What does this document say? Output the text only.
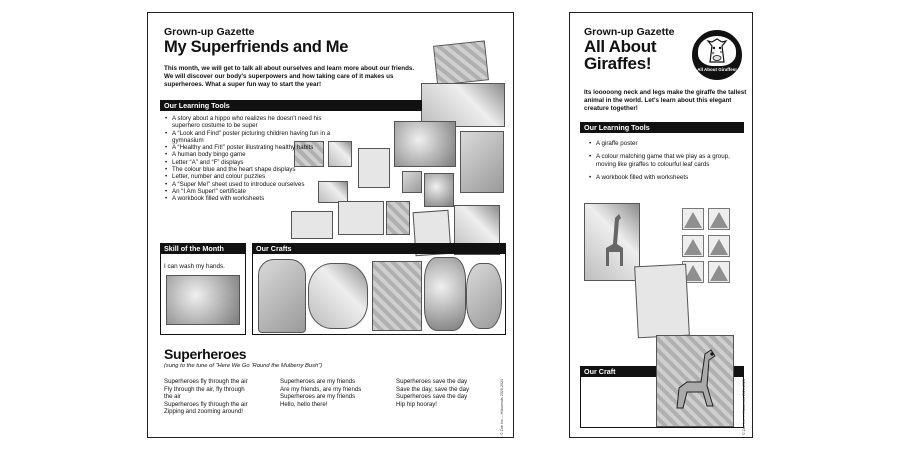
Grown-up Gazette
My Superfriends and Me
This month, we will get to talk all about ourselves and learn more about our friends. We will discover our body's superpowers and how taking care of it makes us superheroes. What a super fun way to start the year!
Our Learning Tools
• A story about a hippo who realizes he doesn't need his superhero costume to be super
• A “Look and Find” poster picturing children having fun in a gymnasium
• A “Healthy and Fit!” poster illustrating healthy habits
• A human body bingo game
• Letter “A” and “F” displays
• The colour blue and the heart shape displays
• Letter, number and colour puzzles
• A “Super Me!” sheet used to introduce ourselves
• An “I Am Super!” certificate
• A workbook filled with worksheets
Skill of the Month
I can wash my hands.
Our Crafts
Superheroes
(sung to the tune of “Here We Go ’Round the Mulberry Bush”)
Superheroes fly through the air
Fly through the air, fly through
the air
Superheroes fly through the air
Zipping and zooming around!
Superheroes are my friends
Are my friends, are my friends
Superheroes are my friends
Hello, hello there!
Superheroes save the day
Save the day, save the day
Superheroes save the day
Hip hip hooray!	© Zoé Inc. – Hiboumots 2020-2021
Grown-up Gazette
All About
Giraffes!	All About Giraffes!
Its looooong neck and legs make the giraffe the tallest animal in the world. Let's learn about this elegant creature together!
Our Learning Tools
• A giraffe poster
• A colour matching game that we play as a group, moving like giraffes to colourful leaf cards
• A workbook filled with worksheets
Our Craft
© Zoé Inc. – Hiboumots 2020-2021
